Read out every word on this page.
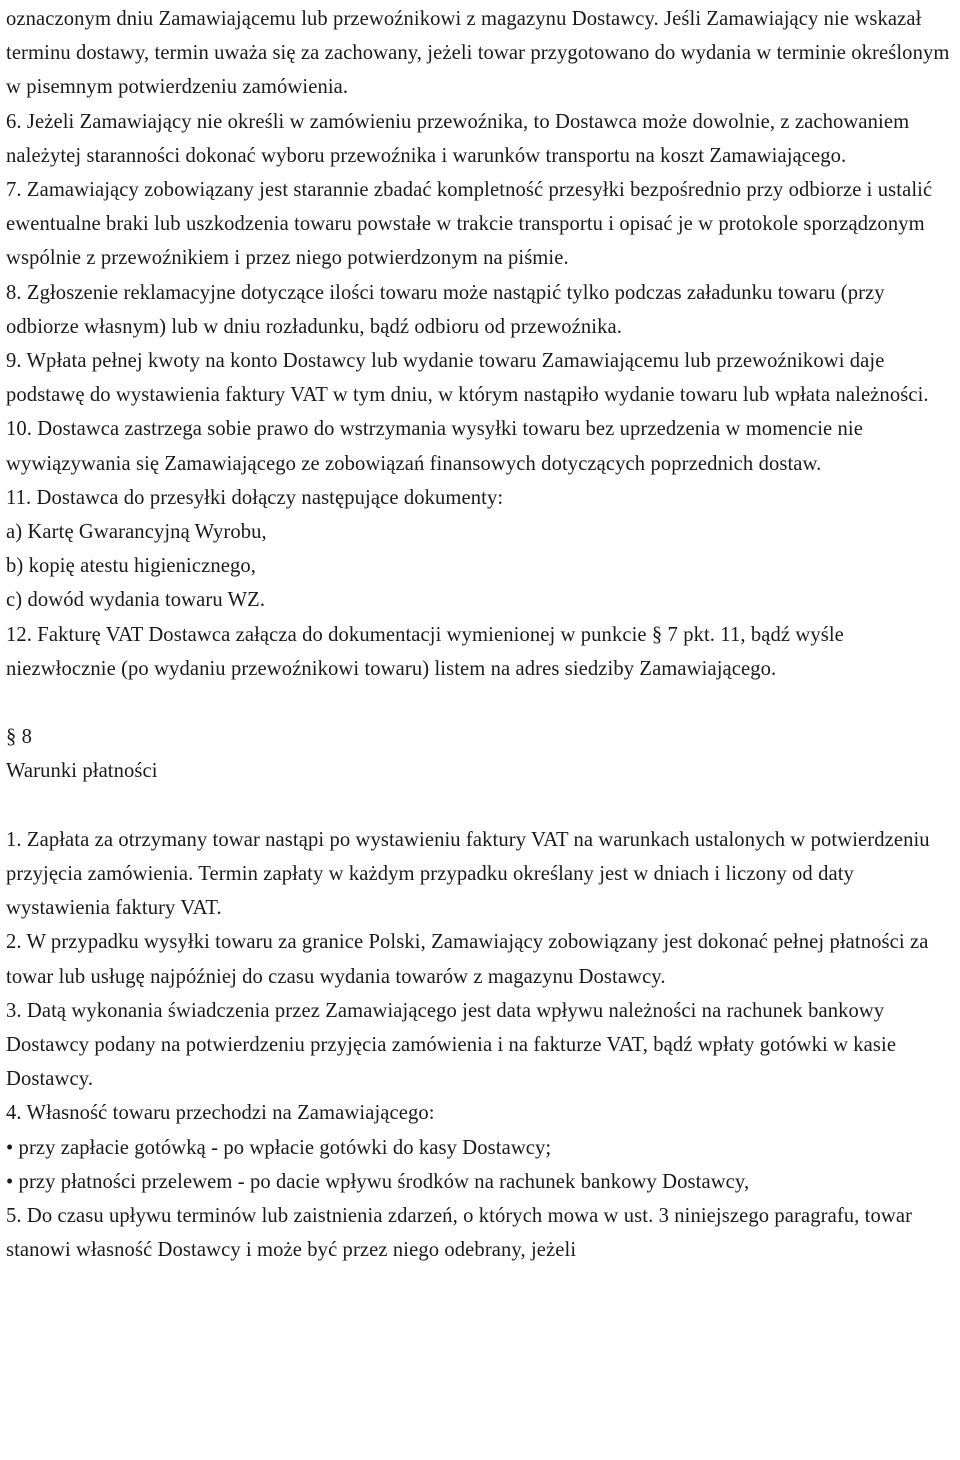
oznaczonym dniu Zamawiającemu lub przewoźnikowi z magazynu Dostawcy. Jeśli Zamawiający nie wskazał terminu dostawy, termin uważa się za zachowany, jeżeli towar przygotowano do wydania w terminie określonym w pisemnym potwierdzeniu zamówienia.

6. Jeżeli Zamawiający nie określi w zamówieniu przewoźnika, to Dostawca może dowolnie, z zachowaniem należytej staranności dokonać wyboru przewoźnika i warunków transportu na koszt Zamawiającego.

7. Zamawiający zobowiązany jest starannie zbadać kompletność przesyłki bezpośrednio przy odbiorze i ustalić ewentualne braki lub uszkodzenia towaru powstałe w trakcie transportu i opisać je w protokole sporządzonym wspólnie z przewoźnikiem i przez niego potwierdzonym na piśmie.

8. Zgłoszenie reklamacyjne dotyczące ilości towaru może nastąpić tylko podczas załadunku towaru (przy odbiorze własnym) lub w dniu rozładunku, bądź odbioru od przewoźnika.

9. Wpłata pełnej kwoty na konto Dostawcy lub wydanie towaru Zamawiającemu lub przewoźnikowi daje podstawę do wystawienia faktury VAT w tym dniu, w którym nastąpiło wydanie towaru lub wpłata należności.

10. Dostawca zastrzega sobie prawo do wstrzymania wysyłki towaru bez uprzedzenia w momencie nie wywiązywania się Zamawiającego ze zobowiązań finansowych dotyczących poprzednich dostaw.

11. Dostawca do przesyłki dołączy następujące dokumenty:

a) Kartę Gwarancyjną Wyrobu,

b) kopię atestu higienicznego,

c) dowód wydania towaru WZ.

12. Fakturę VAT Dostawca załącza do dokumentacji wymienionej w punkcie § 7 pkt. 11, bądź wyśle niezwłocznie (po wydaniu przewoźnikowi towaru) listem na adres siedziby Zamawiającego.

§ 8

Warunki płatności

1. Zapłata za otrzymany towar nastąpi po wystawieniu faktury VAT na warunkach ustalonych w potwierdzeniu przyjęcia zamówienia. Termin zapłaty w każdym przypadku określany jest w dniach i liczony od daty wystawienia faktury VAT.

2. W przypadku wysyłki towaru za granice Polski, Zamawiający zobowiązany jest dokonać pełnej płatności za towar lub usługę najpóźniej do czasu wydania towarów z magazynu Dostawcy.

3. Datą wykonania świadczenia przez Zamawiającego jest data wpływu należności na rachunek bankowy Dostawcy podany na potwierdzeniu przyjęcia zamówienia i na fakturze VAT, bądź wpłaty gotówki w kasie Dostawcy.

4. Własność towaru przechodzi na Zamawiającego:

• przy zapłacie gotówką - po wpłacie gotówki do kasy Dostawcy;

• przy płatności przelewem - po dacie wpływu środków na rachunek bankowy Dostawcy,

5. Do czasu upływu terminów lub zaistnienia zdarzeń, o których mowa w ust. 3 niniejszego paragrafu, towar stanowi własność Dostawcy i może być przez niego odebrany, jeżeli
